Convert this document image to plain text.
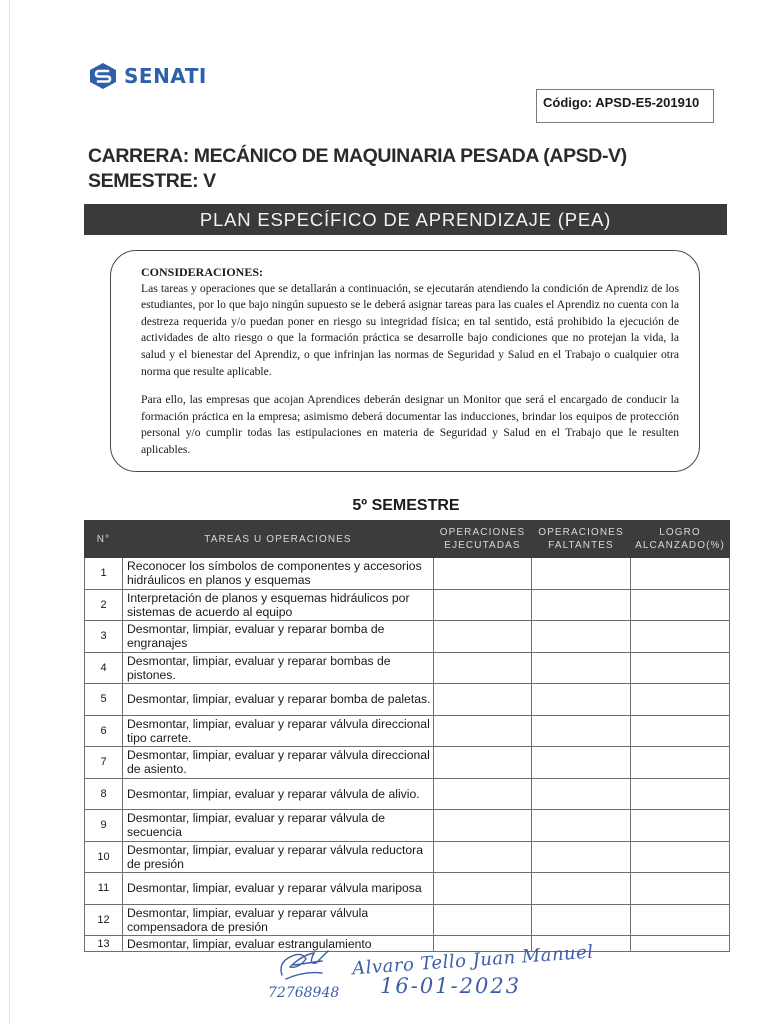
SENATI
Código: APSD-E5-201910
CARRERA: MECÁNICO DE MAQUINARIA PESADA (APSD-V)
SEMESTRE: V
PLAN ESPECÍFICO DE APRENDIZAJE (PEA)
CONSIDERACIONES:

Las tareas y operaciones que se detallarán a continuación, se ejecutarán atendiendo la condición de Aprendiz de los estudiantes, por lo que bajo ningún supuesto se le deberá asignar tareas para las cuales el Aprendiz no cuenta con la destreza requerida y/o puedan poner en riesgo su integridad física; en tal sentido, está prohibido la ejecución de actividades de alto riesgo o que la formación práctica se desarrolle bajo condiciones que no protejan la vida, la salud y el bienestar del Aprendiz, o que infrinjan las normas de Seguridad y Salud en el Trabajo o cualquier otra norma que resulte aplicable.

Para ello, las empresas que acojan Aprendices deberán designar un Monitor que será el encargado de conducir la formación práctica en la empresa; asimismo deberá documentar las inducciones, brindar los equipos de protección personal y/o cumplir todas las estipulaciones en materia de Seguridad y Salud en el Trabajo que le resulten aplicables.

5º SEMESTRE
N°	TAREAS U OPERACIONES	OPERACIONES EJECUTADAS	OPERACIONES FALTANTES	LOGRO ALCANZADO(%)
1	Reconocer los símbolos de componentes y accesorios hidráulicos en planos y esquemas			
2	Interpretación de planos y esquemas hidráulicos por sistemas de acuerdo al equipo			
3	Desmontar, limpiar, evaluar y reparar bomba de engranajes			
4	Desmontar, limpiar, evaluar y reparar bombas de pistones.			
5	Desmontar, limpiar, evaluar y reparar bomba de paletas.			
6	Desmontar, limpiar, evaluar y reparar válvula direccional tipo carrete.			
7	Desmontar, limpiar, evaluar y reparar válvula direccional de asiento.			
8	Desmontar, limpiar, evaluar y reparar válvula de alivio.			
9	Desmontar, limpiar, evaluar y reparar válvula de secuencia			
10	Desmontar, limpiar, evaluar y reparar válvula reductora de presión			
11	Desmontar, limpiar, evaluar y reparar válvula mariposa			
12	Desmontar, limpiar, evaluar y reparar válvula compensadora de presión			
13	Desmontar, limpiar, evaluar estrangulamiento			
Alvaro Tello Juan Manuel
16-01-2023
72768948
